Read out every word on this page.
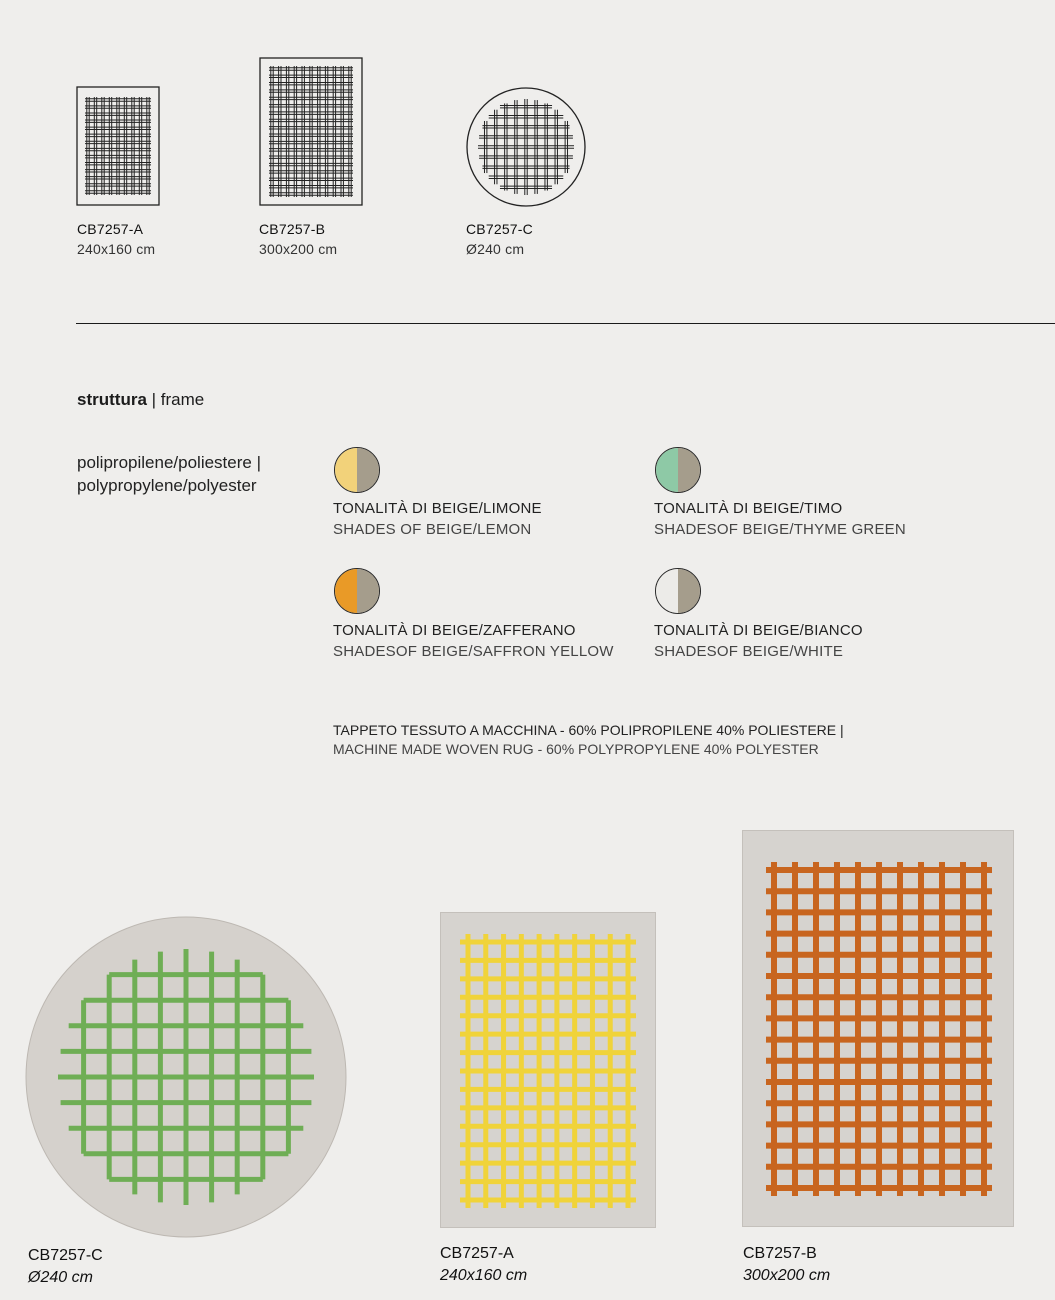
CB7257-A
240x160 cm
CB7257-B
300x200 cm
CB7257-C
Ø240 cm
struttura | frame
polipropilene/poliestere |
polypropylene/polyester
TONALITÀ DI BEIGE/LIMONE
SHADES OF BEIGE/LEMON
TONALITÀ DI BEIGE/TIMO
SHADESOF BEIGE/THYME GREEN
TONALITÀ DI BEIGE/ZAFFERANO
SHADESOF BEIGE/SAFFRON YELLOW
TONALITÀ DI BEIGE/BIANCO
SHADESOF BEIGE/WHITE
TAPPETO TESSUTO A MACCHINA - 60% POLIPROPILENE 40% POLIESTERE |
MACHINE MADE WOVEN RUG - 60% POLYPROPYLENE 40% POLYESTER
CB7257-C
Ø240 cm
CB7257-A
240x160 cm
CB7257-B
300x200 cm
